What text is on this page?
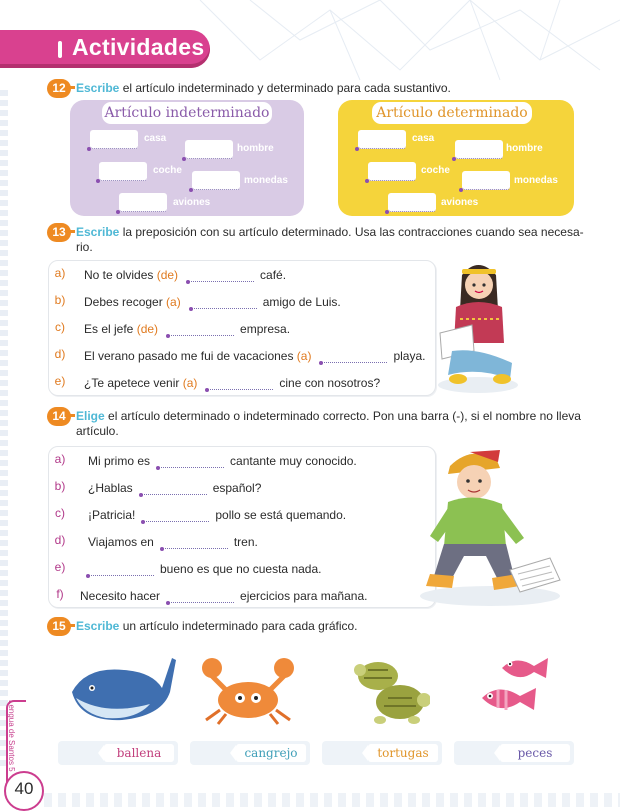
Actividades
12 Escribe el artículo indeterminado y determinado para cada sustantivo.
Artículo indeterminado
casa
hombre
coche
monedas
aviones
Artículo determinado
casa
hombre
coche
monedas
aviones
13 Escribe la preposición con su artículo determinado. Usa las contracciones cuando sea necesa-
rio.
a) No te olvides (de)	café.
b) Debes recoger (a)	amigo de Luis.
c) Es el jefe (de)	empresa.
d) El verano pasado me fui de vacaciones (a)	playa.
e) ¿Te apetece venir (a)	cine con nosotros?
14 Elige el artículo determinado o indeterminado correcto. Pon una barra (-), si el nombre no lleva
artículo.
a) Mi primo es	cantante muy conocido.
b) ¿Hablas	español?
c) ¡Patricia!	pollo se está quemando.
d) Viajamos en	tren.
e)	bueno es que no cuesta nada.
f)	Necesito hacer	ejercicios para mañana.
15 Escribe un artículo indeterminado para cada gráfico.
ballena	cangrejo	tortugas	peces
Lengua de Santos 5
40
